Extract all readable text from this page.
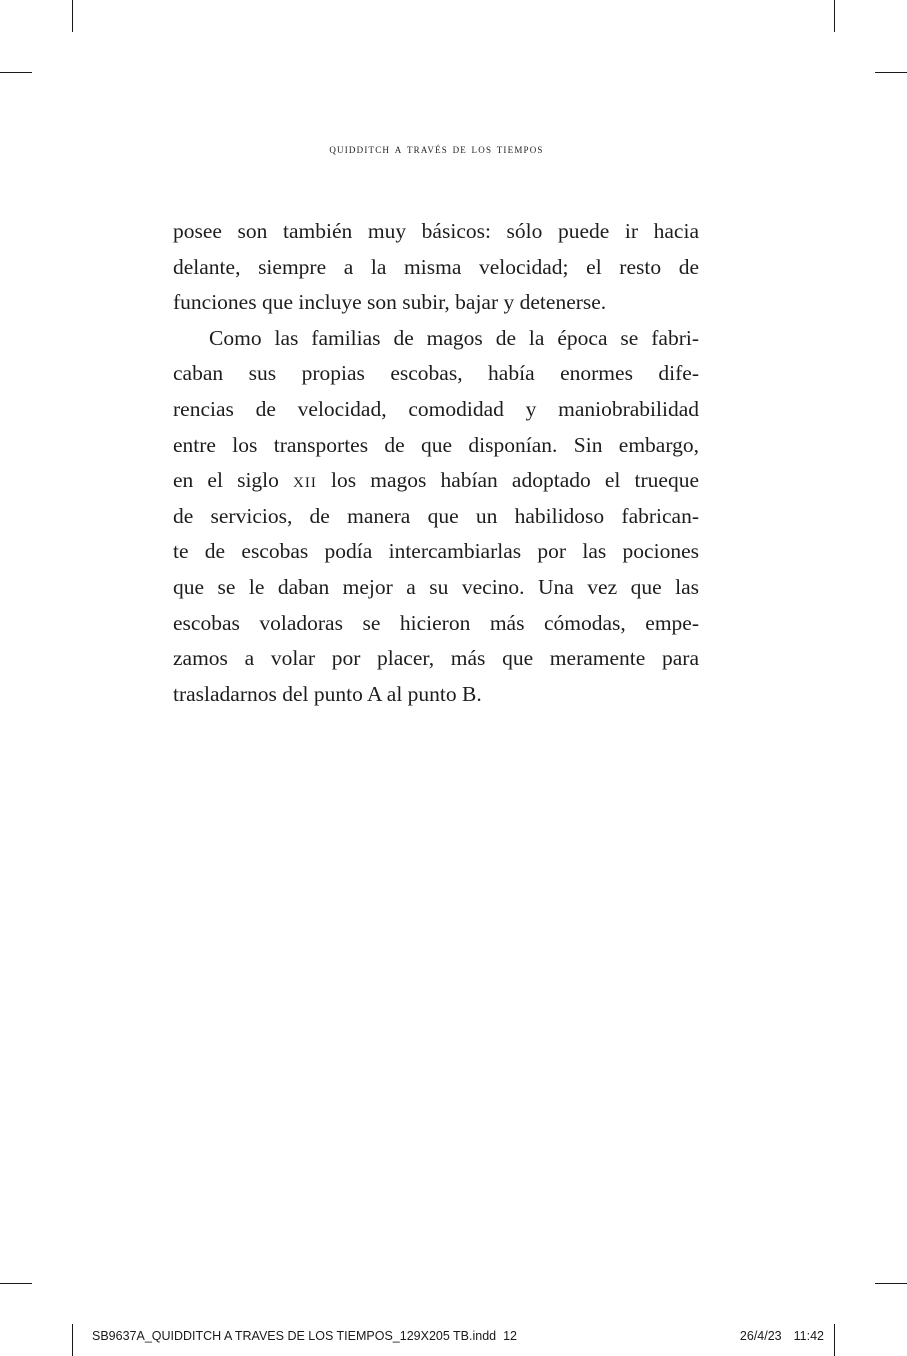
quidditch a través de los tiempos
posee son también muy básicos: sólo puede ir hacia
delante, siempre a la misma velocidad; el resto de
funciones que incluye son subir, bajar y detenerse.
Como las familias de magos de la época se fabri-
caban sus propias escobas, había enormes dife-
rencias de velocidad, comodidad y maniobrabilidad
entre los transportes de que disponían. Sin embargo,
en el siglo xii los magos habían adoptado el trueque
de servicios, de manera que un habilidoso fabrican-
te de escobas podía intercambiarlas por las pociones
que se le daban mejor a su vecino. Una vez que las
escobas voladoras se hicieron más cómodas, empe-
zamos a volar por placer, más que meramente para
trasladarnos del punto A al punto B.
SB9637A_QUIDDITCH A TRAVES DE LOS TIEMPOS_129X205 TB.indd 12	26/4/23 11:42
